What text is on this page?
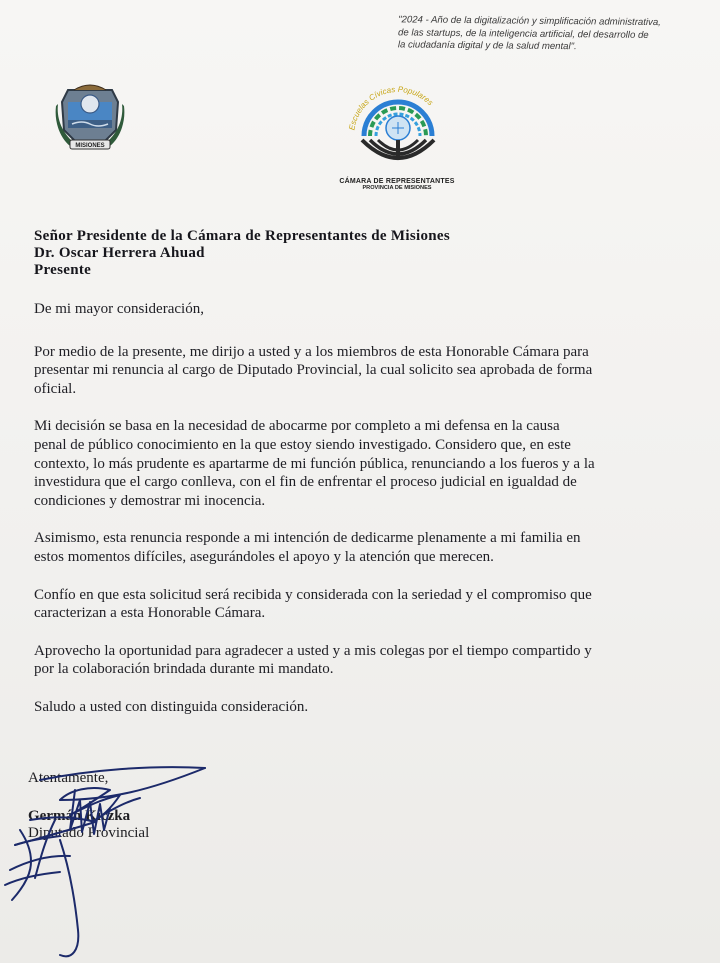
"2024 - Año de la digitalización y simplificación administrativa,
de las startups, de la inteligencia artificial, del desarrollo de
la ciudadanía digital y de la salud mental".
MISIONES
Escuelas Cívicas Populares
CÁMARA DE REPRESENTANTES
PROVINCIA DE MISIONES
Señor Presidente de la Cámara de Representantes de Misiones
Dr. Oscar Herrera Ahuad
Presente

De mi mayor consideración,

Por medio de la presente, me dirijo a usted y a los miembros de esta Honorable Cámara para
presentar mi renuncia al cargo de Diputado Provincial, la cual solicito sea aprobada de forma
oficial.

Mi decisión se basa en la necesidad de abocarme por completo a mi defensa en la causa
penal de público conocimiento en la que estoy siendo investigado. Considero que, en este
contexto, lo más prudente es apartarme de mi función pública, renunciando a los fueros y a la
investidura que el cargo conlleva, con el fin de enfrentar el proceso judicial en igualdad de
condiciones y demostrar mi inocencia.

Asimismo, esta renuncia responde a mi intención de dedicarme plenamente a mi familia en
estos momentos difíciles, asegurándoles el apoyo y la atención que merecen.

Confío en que esta solicitud será recibida y considerada con la seriedad y el compromiso que
caracterizan a esta Honorable Cámara.

Aprovecho la oportunidad para agradecer a usted y a mis colegas por el tiempo compartido y
por la colaboración brindada durante mi mandato.

Saludo a usted con distinguida consideración.

Atentamente,
Germán Kiczka
Diputado Provincial
